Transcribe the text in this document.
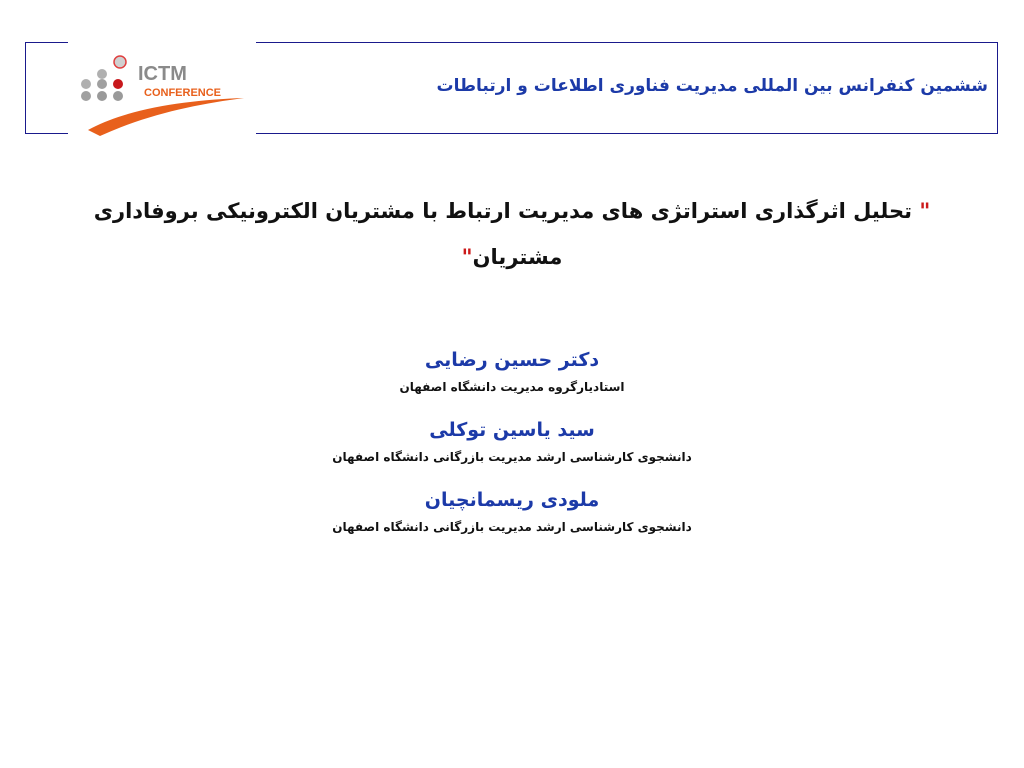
ICTM
CONFERENCE	ششمین کنفرانس بین المللی مدیریت فناوری اطلاعات و ارتباطات
" تحلیل اثرگذاری استراتژی های مدیریت ارتباط با مشتریان الکترونیکی بروفاداری مشتریان"

دکتر حسین رضایی

استادیارگروه مدیریت دانشگاه اصفهان

سید یاسین توکلی

دانشجوی کارشناسی ارشد مدیریت بازرگانی دانشگاه اصفهان

ملودی ریسمانچیان

دانشجوی کارشناسی ارشد مدیریت بازرگانی دانشگاه اصفهان
